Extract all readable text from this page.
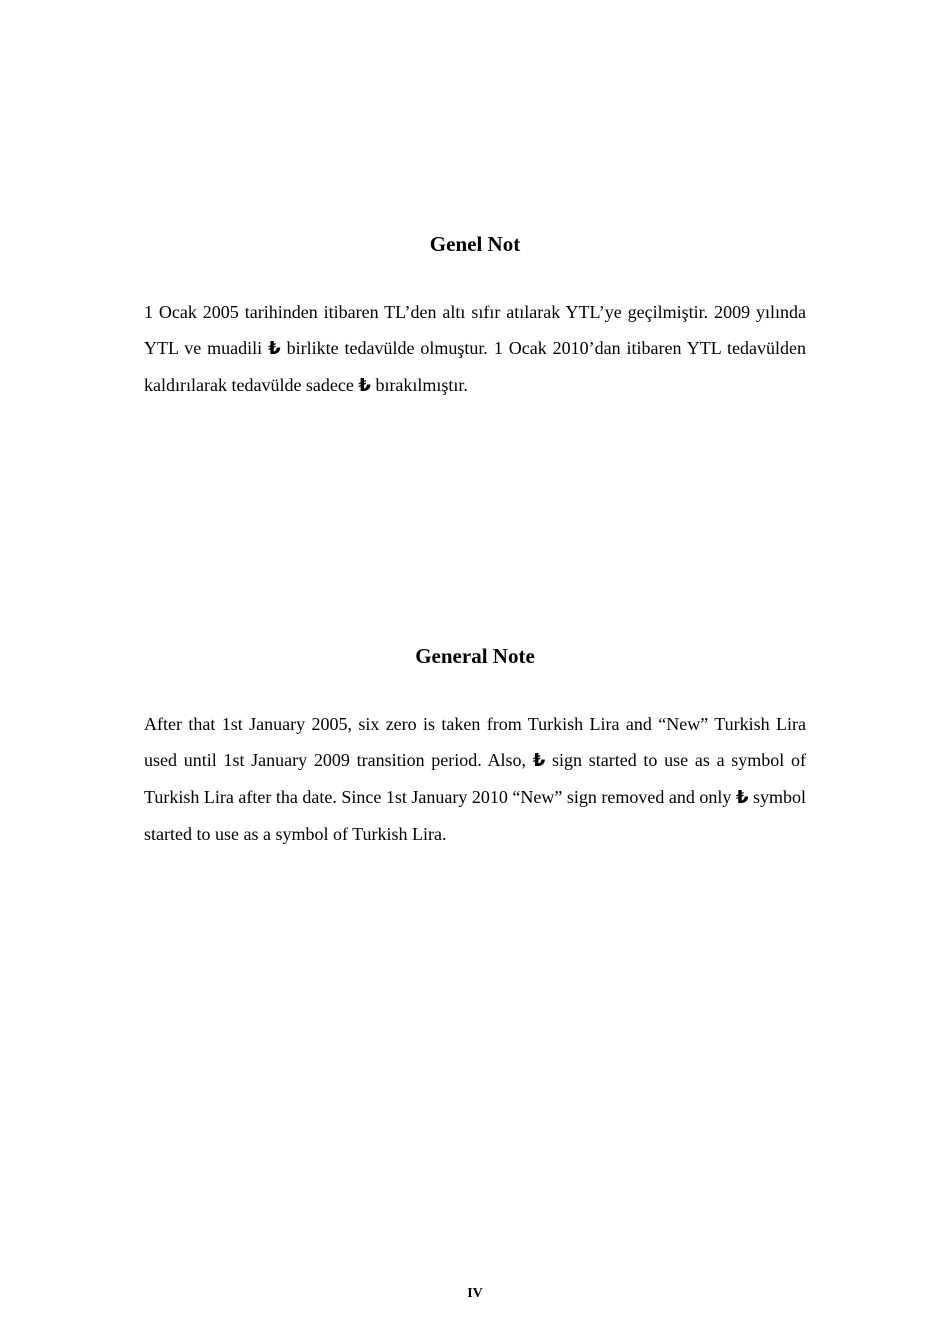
Genel Not

1 Ocak 2005 tarihinden itibaren TL’den altı sıfır atılarak YTL’ye geçilmiştir. 2009 yılında YTL ve muadili ₺ birlikte tedavülde olmuştur. 1 Ocak 2010’dan itibaren YTL tedavülden kaldırılarak tedavülde sadece ₺ bırakılmıştır.

General Note

After that 1st January 2005, six zero is taken from Turkish Lira and “New” Turkish Lira used until 1st January 2009 transition period. Also, ₺ sign started to use as a symbol of Turkish Lira after tha date. Since 1st January 2010 “New” sign removed and only ₺ symbol started to use as a symbol of Turkish Lira.

IV
